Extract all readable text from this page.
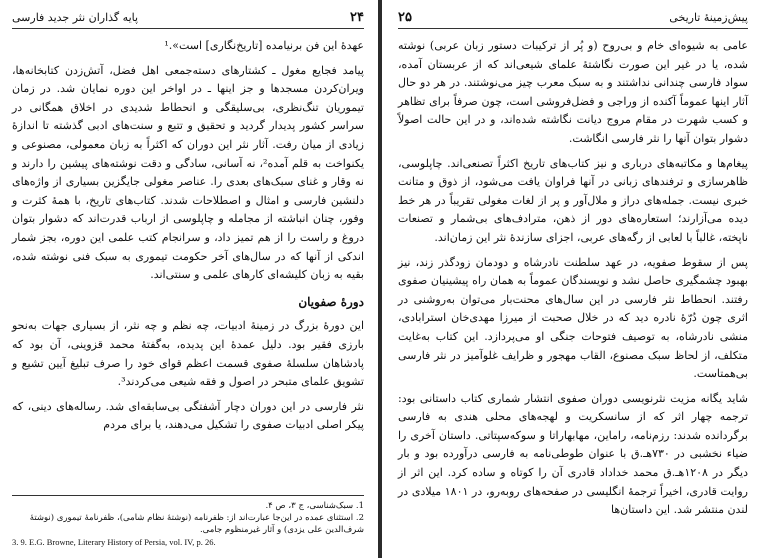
پایه گذاران نثر جدید فارسی	۲۴

عهدهٔ این فن برنیامده [تاریخ‌نگاری] است».¹

پیامد فجایع مغول ـ کشتارهای دسته‌جمعی اهل فضل، آتش‌زدن کتابخانه‌ها، ویران‌کردن مسجدها و جز اینها ـ در اواخر این دوره نمایان شد. در زمان تیموریان تنگ‌نظری، بی‌سلیقگی و انحطاط شدیدی در اخلاق همگانی در سراسر کشور پدیدار گردید و تحقیق و تتبع و سنت‌های ادبی گذشته تا اندازهٔ زیادی از میان رفت. آثار نثر این دوران که اکثراً به زبان معمولی، مصنوعی و یکنواخت به قلم آمده²، نه آسانی، سادگی و دقت نوشته‌های پیشین را دارند و نه وقار و غنای سبک‌های بعدی را. عناصر مغولی جایگزین بسیاری از واژه‌های دلنشین فارسی و امثال و اصطلاحات شدند. کتاب‌های تاریخ، با همهٔ کثرت و وفور، چنان انباشته از مجامله و چاپلوسی از ارباب قدرت‌اند که دشوار بتوان دروغ و راست را از هم تمیز داد، و سرانجام کتب علمی این دوره، بجز شمار اندکی از آنها که در سال‌های آخر حکومت تیموری به سبک فنی نوشته شده، بقیه به زبان کلیشه‌ای کارهای علمی و سنتی‌اند.

دورهٔ صفویان

این دورهٔ بزرگ در زمینهٔ ادبیات، چه نظم و چه نثر، از بسیاری جهات به‌نحو بارزی فقیر بود. دلیل عمدهٔ این پدیده، به‌گفتهٔ محمد قزوینی، آن بود که پادشاهان سلسلهٔ صفوی قسمت اعظم قوای خود را صرف تبلیغ آیین تشیع و تشویق علمای متبحر در اصول و فقه شیعی می‌کردند³.

نثر فارسی در این دوران دچار آشفتگی بی‌سابقه‌ای شد. رساله‌های دینی، که پیکر اصلی ادبیات صفوی را تشکیل می‌دهند، یا برای مردم

1. سبک‌شناسی، ج ۳، ص ۴.
2. استثنای عمده در این‌جا عبارت‌اند از: ظفرنامه (نوشتهٔ نظام شامی)، ظفرنامهٔ تیموری (نوشتهٔ شرف‌الدین علی یزدی) و آثار غیرمنظوم جامی.
3. 9. E.G. Browne, Literary History of Persia, vol. IV, p. 26.
۲۵	پیش‌زمینهٔ تاریخی

عامی به شیوه‌ای خام و بی‌روح (و پُر از ترکیبات دستور زبان عربی) نوشته شده، یا در غیر این صورت نگاشتهٔ علمای شیعی‌اند که از عربستان آمده، سواد فارسی چندانی نداشتند و به سبک معرب چیز می‌نوشتند. در هر دو حال آثار اینها عموماً آکنده از وراجی و فضل‌فروشی است، چون صرفاً برای تظاهر و کسب شهرت در مقام مروج دیانت نگاشته شده‌اند، و در این حالت اصولاً دشوار بتوان آنها را نثر فارسی انگاشت.

پیغام‌ها و مکاتبه‌های درباری و نیز کتاب‌های تاریخ اکثراً تصنعی‌اند. چاپلوسی، ظاهرسازی و ترفندهای زبانی در آنها فراوان یافت می‌شود، از ذوق و متانت خبری نیست. جمله‌های دراز و ملال‌آور و پر از لغات مغولی تقریباً در هر خط دیده می‌آزارند؛ استعاره‌های دور از ذهن، مترادف‌های بی‌شمار و تصنعات ناپخته، غالباً با لعابی از رگه‌های عربی، اجزای سازندهٔ نثر این زمان‌اند.

پس از سقوط صفویه، در عهد سلطنت نادرشاه و دودمان زودگذر زند، نیز بهبود چشمگیری حاصل نشد و نویسندگان عموماً به همان راه پیشینیان صفوی رفتند. انحطاط نثر فارسی در این سال‌های محنت‌بار می‌توان به‌روشنی در اثری چون دُرّهٔ نادره دید که در خلال صحبت از میرزا مهدی‌خان استرابادی، منشی نادرشاه، به توصیف فتوحات جنگی او می‌پردازد. این کتاب به‌غایت متکلف، از لحاظ سبک مصنوع، القاب مهجور و ظرایف غلوآمیز در نثر فارسی بی‌همتاست.

شاید یگانه مزیت نثرنویسی دوران صفوی انتشار شماری کتاب داستانی بود: ترجمه چهار اثر که از سانسکریت و لهجه‌های محلی هندی به فارسی برگردانده شدند: رزم‌نامه، راماین، مهابهاراتا و سوکه‌سپتاتی. داستان آخری را ضیاء نخشبی در ۷۳۰هـ.ق با عنوان طوطی‌نامه به فارسی درآورده بود و بار دیگر در ۱۲۰۸هـ.ق محمد خداداد قادری آن را کوتاه و ساده کرد. این اثر از روایت قادری، اخیراً ترجمهٔ انگلیسی در صفحه‌های روبه‌رو، در ۱۸۰۱ میلادی در لندن منتشر شد. این داستان‌ها
